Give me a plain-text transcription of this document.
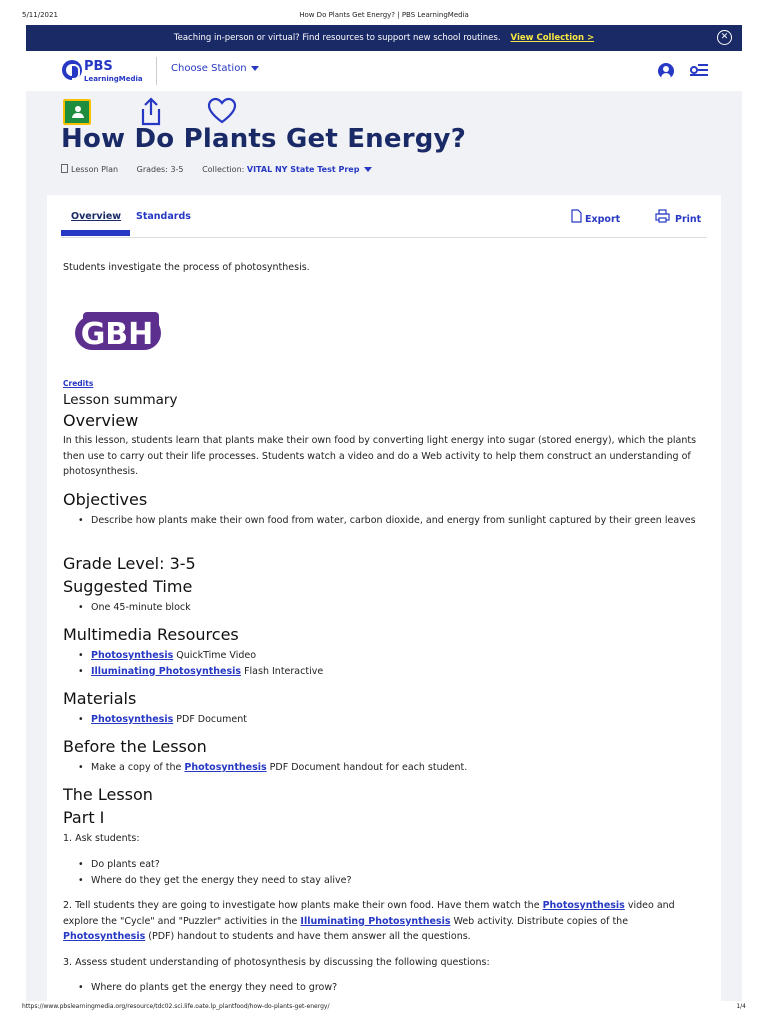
5/11/2021	How Do Plants Get Energy? | PBS LearningMedia
Teaching in-person or virtual? Find resources to support new school routines. View Collection >	✕
PBS
LearningMedia
Choose Station
How Do Plants Get Energy?
Lesson Plan Grades: 3-5 Collection: VITAL NY State Test Prep
Overview Standards	Export	Print

Students investigate the process of photosynthesis.

GBH
Credits
Lesson summary
Overview

In this lesson, students learn that plants make their own food by converting light energy into sugar (stored energy), which the plants then use to carry out their life processes. Students watch a video and do a Web activity to help them construct an understanding of photosynthesis.

Objectives
• Describe how plants make their own food from water, carbon dioxide, and energy from sunlight captured by their green leaves
Grade Level: 3-5
Suggested Time
• One 45-minute block
Multimedia Resources
• Photosynthesis QuickTime Video
• Illuminating Photosynthesis Flash Interactive
Materials
• Photosynthesis PDF Document
Before the Lesson
• Make a copy of the Photosynthesis PDF Document handout for each student.
The Lesson
Part I

1. Ask students:

• Do plants eat?
• Where do they get the energy they need to stay alive?

2. Tell students they are going to investigate how plants make their own food. Have them watch the Photosynthesis video and explore the "Cycle" and "Puzzler" activities in the Illuminating Photosynthesis Web activity. Distribute copies of the Photosynthesis (PDF) handout to students and have them answer all the questions.

3. Assess student understanding of photosynthesis by discussing the following questions:

• Where do plants get the energy they need to grow?
https://www.pbslearningmedia.org/resource/tdc02.sci.life.oate.lp_plantfood/how-do-plants-get-energy/	1/4
